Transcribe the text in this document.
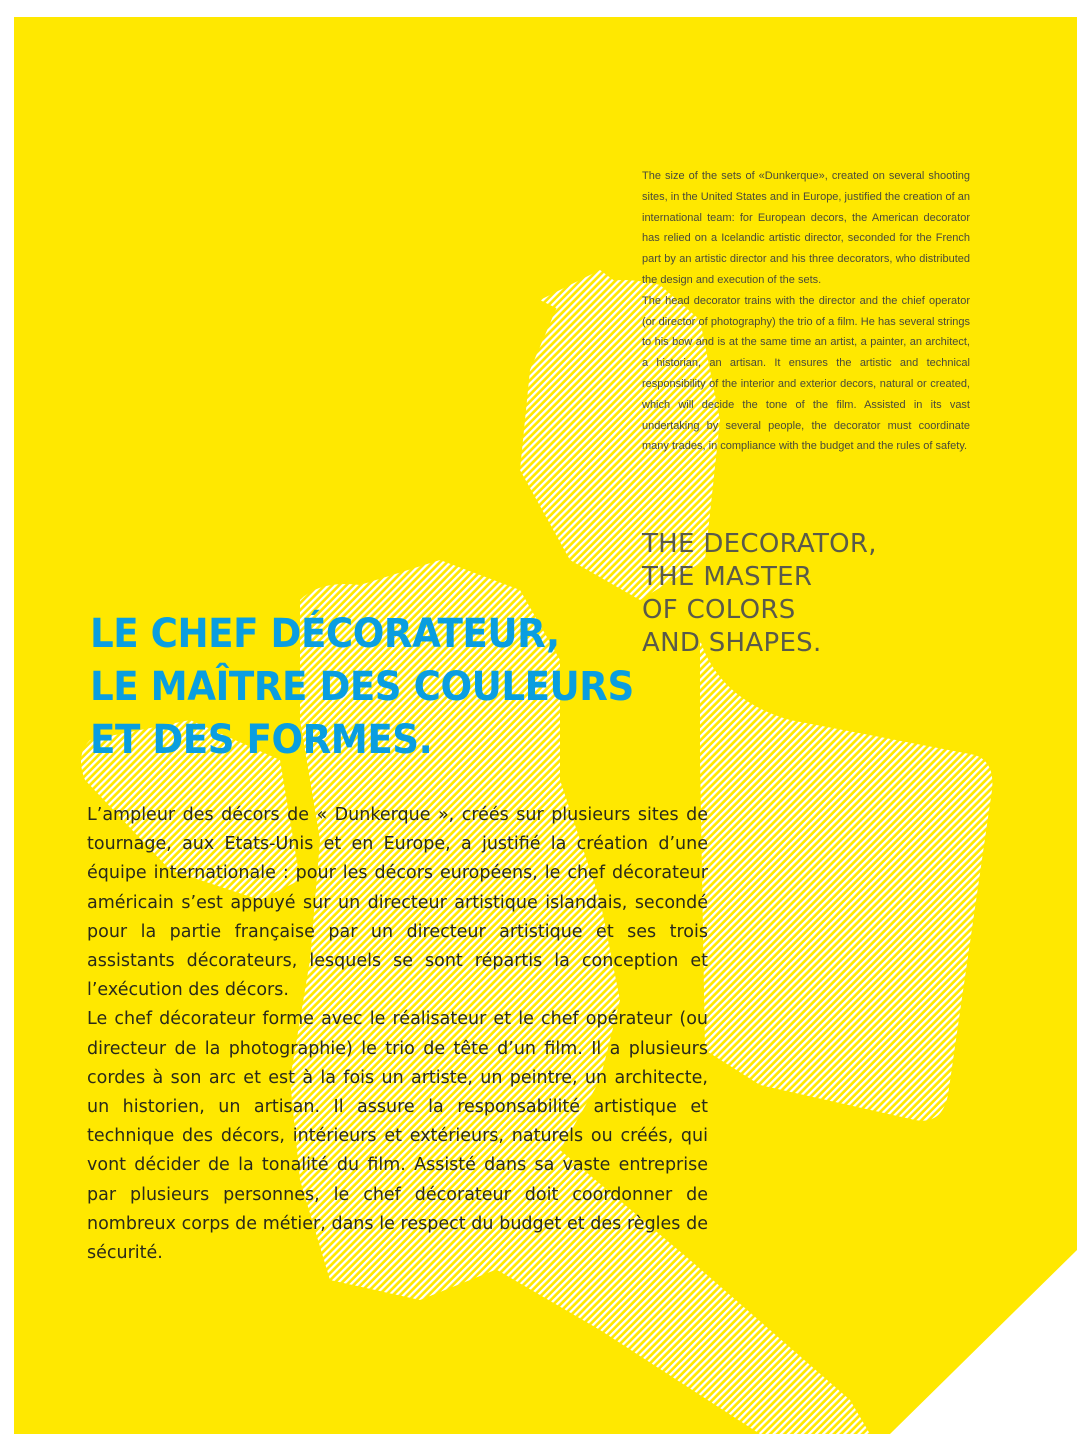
The size of the sets of «Dunkerque», created on several shooting sites, in the United States and in Europe, justified the creation of an international team: for European decors, the American decorator has relied on a Icelandic artistic director, seconded for the French part by an artistic director and his three decorators, who distributed the design and execution of the sets.

The head decorator trains with the director and the chief operator (or director of photography) the trio of a film. He has several strings to his bow and is at the same time an artist, a painter, an architect, a historian, an artisan. It ensures the artistic and technical responsibility of the interior and exterior decors, natural or created, which will decide the tone of the film. Assisted in its vast undertaking by several people, the decorator must coordinate many trades, in compliance with the budget and the rules of safety.

THE DECORATOR,
THE MASTER
OF COLORS
AND SHAPES.
LE CHEF DÉCORATEUR,
LE MAÎTRE DES COULEURS
ET DES FORMES.

L’ampleur des décors de « Dunkerque », créés sur plusieurs sites de tournage, aux Etats-Unis et en Europe, a justifié la création d’une équipe internationale : pour les décors européens, le chef décorateur américain s’est appuyé sur un directeur artistique islandais, secondé pour la partie française par un directeur artistique et ses trois assistants décorateurs, lesquels se sont répartis la conception et l’exécution des décors.

Le chef décorateur forme avec le réalisateur et le chef opérateur (ou directeur de la photographie) le trio de tête d’un film. Il a plusieurs cordes à son arc et est à la fois un artiste, un peintre, un architecte, un historien, un artisan. Il assure la responsabilité artistique et technique des décors, intérieurs et extérieurs, naturels ou créés, qui vont décider de la tonalité du film. Assisté dans sa vaste entreprise par plusieurs personnes, le chef décorateur doit coordonner de nombreux corps de métier, dans le respect du budget et des règles de sécurité.
